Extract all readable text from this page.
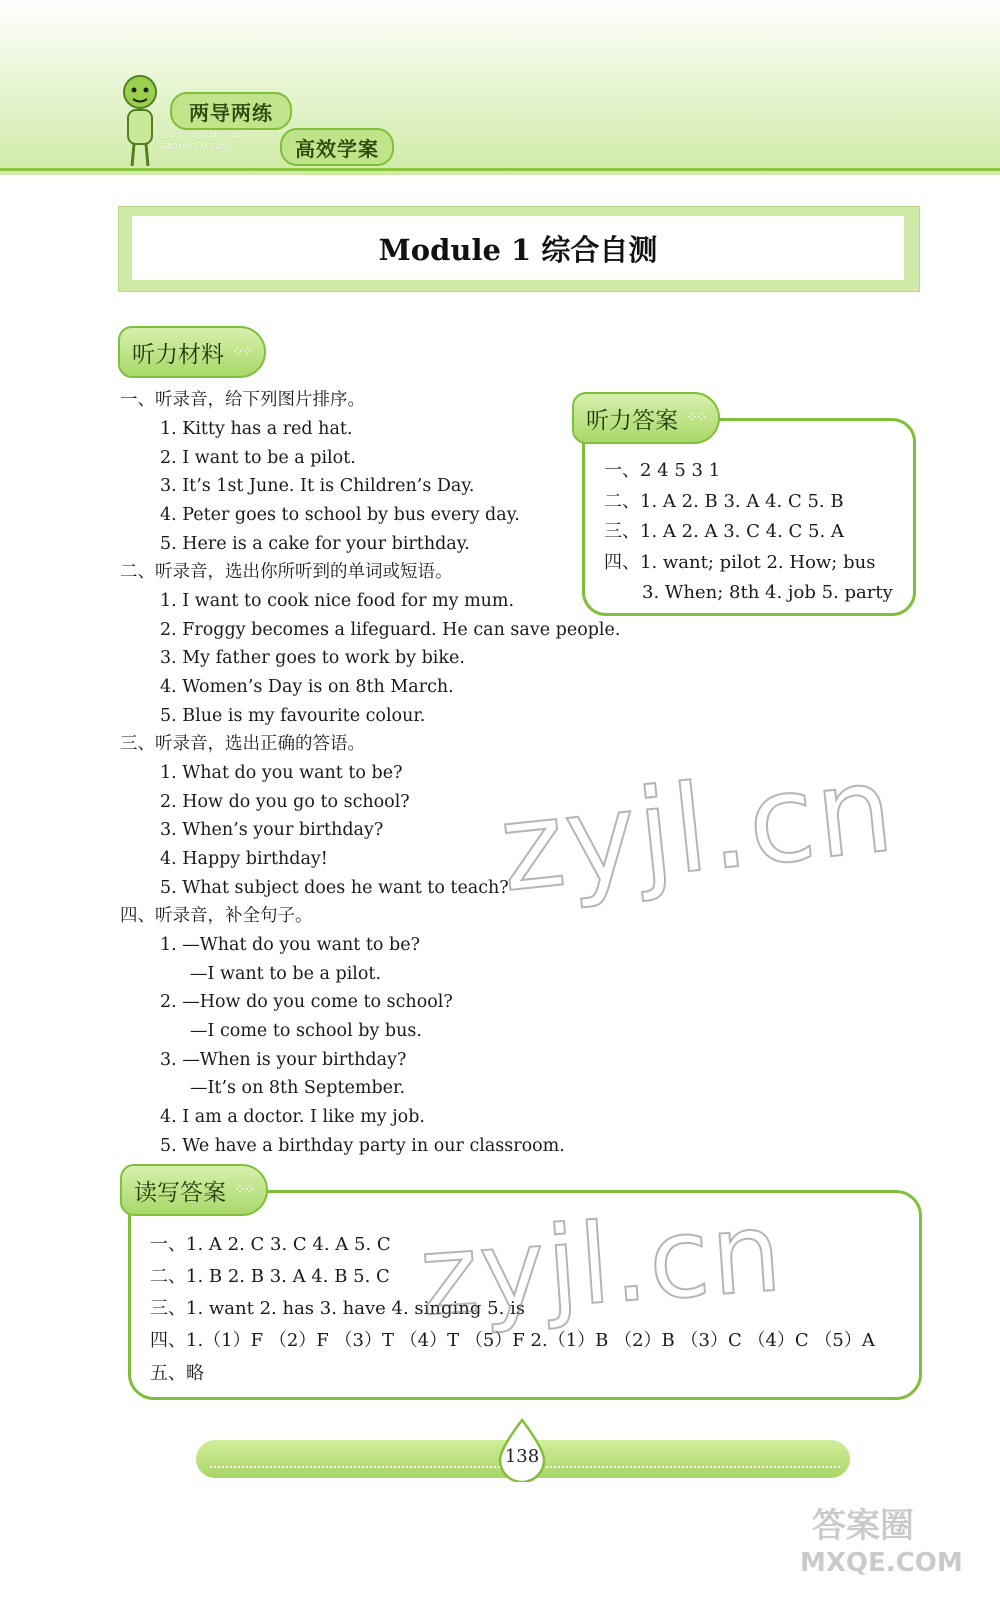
两导两练
高效学案
LIANGDAOLIANGLIAN
GAOXIAO XUEAN
Module 1 综合自测
听力材料 ⁘⁘
一、听录音，给下列图片排序。
1. Kitty has a red hat.
2. I want to be a pilot.
3. It’s 1st June. It is Children’s Day.
4. Peter goes to school by bus every day.
5. Here is a cake for your birthday.
二、听录音，选出你所听到的单词或短语。
1. I want to cook nice food for my mum.
2. Froggy becomes a lifeguard. He can save people.
3. My father goes to work by bike.
4. Women’s Day is on 8th March.
5. Blue is my favourite colour.
三、听录音，选出正确的答语。
1. What do you want to be?
2. How do you go to school?
3. When’s your birthday?
4. Happy birthday!
5. What subject does he want to teach?
四、听录音，补全句子。
1. —What do you want to be?
—I want to be a pilot.
2. —How do you come to school?
—I come to school by bus.
3. —When is your birthday?
—It’s on 8th September.
4. I am a doctor. I like my job.
5. We have a birthday party in our classroom.
听力答案 ⁘⁘
一、2 4 5 3 1
二、1. A 2. B 3. A 4. C 5. B
三、1. A 2. A 3. C 4. C 5. A
四、1. want; pilot 2. How; bus
3. When; 8th 4. job 5. party
读写答案 ⁘⁘
一、1. A 2. C 3. C 4. A 5. C
二、1. B 2. B 3. A 4. B 5. C
三、1. want 2. has 3. have 4. singing 5. is
四、1.（1）F （2）F （3）T （4）T （5）F 2.（1）B （2）B （3）C （4）C （5）A
五、略
zyjl.cn
zyjl.cn
答案圈
MXQE.COM
138
